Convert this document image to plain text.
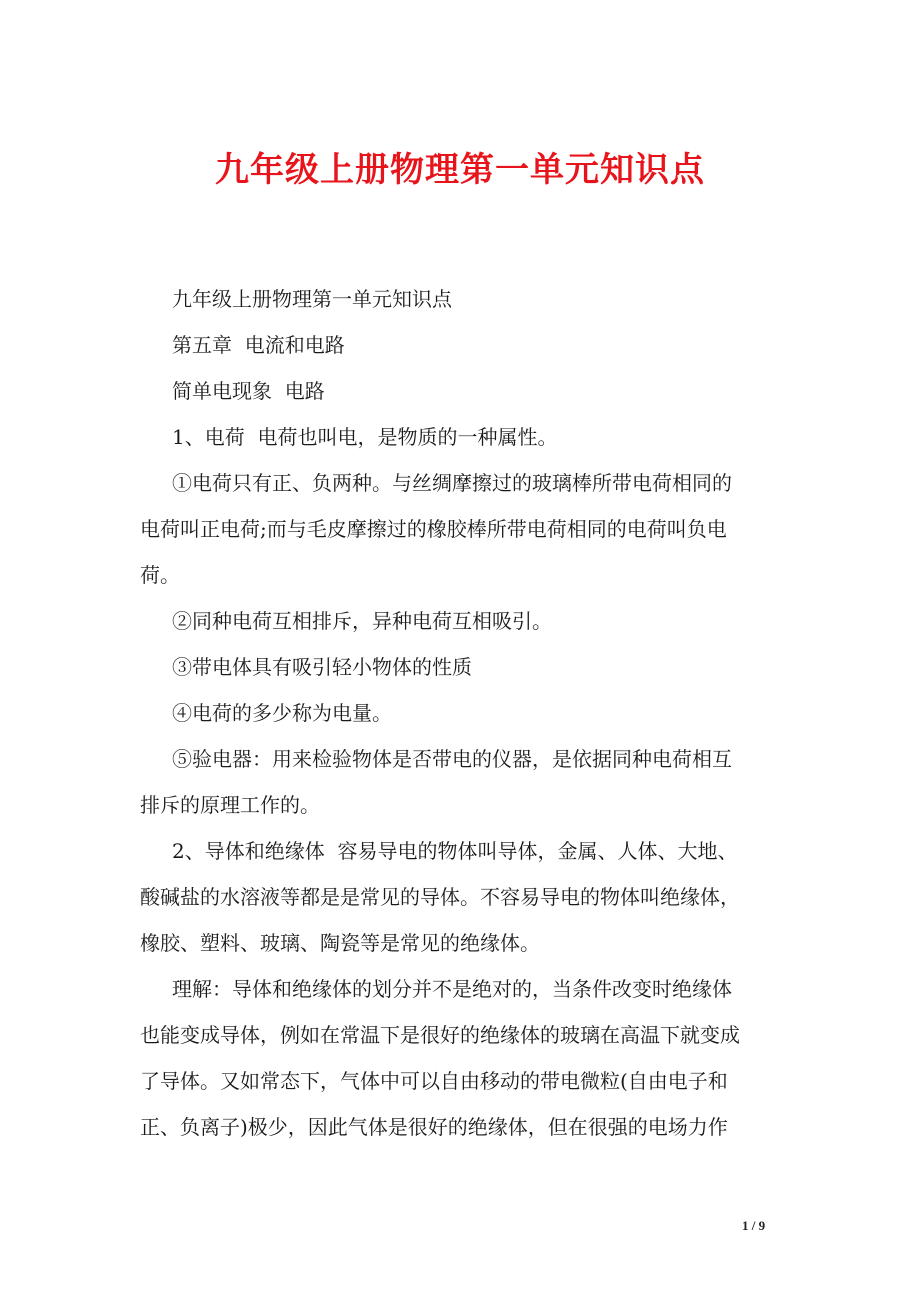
九年级上册物理第一单元知识点
九年级上册物理第一单元知识点
第五章  电流和电路
简单电现象  电路
1、电荷  电荷也叫电，是物质的一种属性。
①电荷只有正、负两种。与丝绸摩擦过的玻璃棒所带电荷相同的
电荷叫正电荷;而与毛皮摩擦过的橡胶棒所带电荷相同的电荷叫负电
荷。
②同种电荷互相排斥，异种电荷互相吸引。
③带电体具有吸引轻小物体的性质
④电荷的多少称为电量。
⑤验电器：用来检验物体是否带电的仪器，是依据同种电荷相互
排斥的原理工作的。
2、导体和绝缘体  容易导电的物体叫导体，金属、人体、大地、
酸碱盐的水溶液等都是是常见的导体。不容易导电的物体叫绝缘体，
橡胶、塑料、玻璃、陶瓷等是常见的绝缘体。
理解：导体和绝缘体的划分并不是绝对的，当条件改变时绝缘体
也能变成导体，例如在常温下是很好的绝缘体的玻璃在高温下就变成
了导体。又如常态下，气体中可以自由移动的带电微粒(自由电子和
正、负离子)极少，因此气体是很好的绝缘体，但在很强的电场力作
1 / 9
